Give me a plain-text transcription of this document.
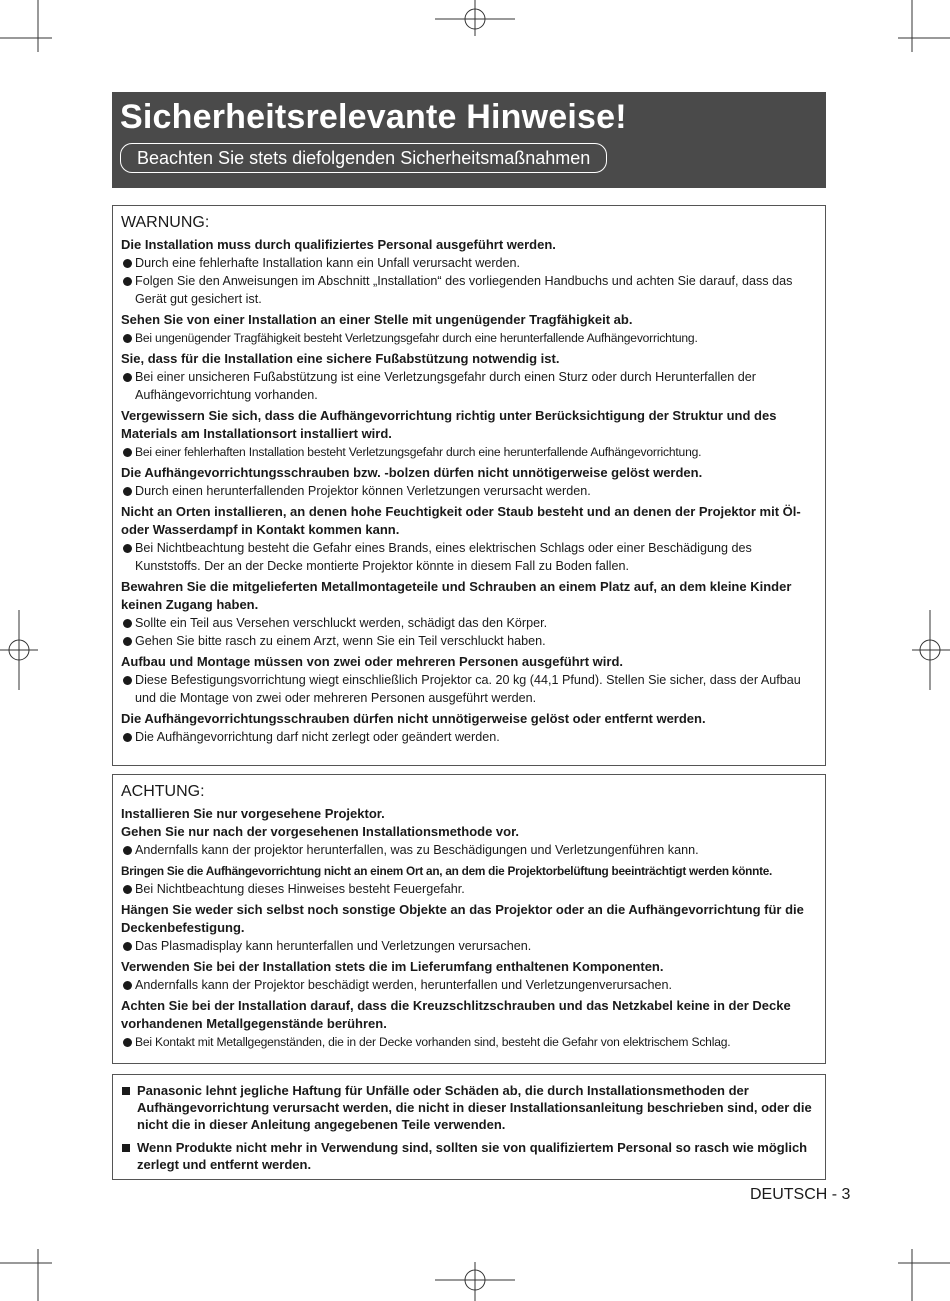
Sicherheitsrelevante Hinweise!
Beachten Sie stets diefolgenden Sicherheitsmaßnahmen
WARNUNG:
Die Installation muss durch qualifiziertes Personal ausgeführt werden.
Durch eine fehlerhafte Installation kann ein Unfall verursacht werden.
Folgen Sie den Anweisungen im Abschnitt „Installation“ des vorliegenden Handbuchs und achten Sie darauf, dass das Gerät gut gesichert ist.
Sehen Sie von einer Installation an einer Stelle mit ungenügender Tragfähigkeit ab.
Bei ungenügender Tragfähigkeit besteht Verletzungsgefahr durch eine herunterfallende Aufhängevorrichtung.
Sie, dass für die Installation eine sichere Fußabstützung notwendig ist.
Bei einer unsicheren Fußabstützung ist eine Verletzungsgefahr durch einen Sturz oder durch Herunterfallen der Aufhängevorrichtung vorhanden.
Vergewissern Sie sich, dass die Aufhängevorrichtung richtig unter Berücksichtigung der Struktur und des Materials am Installationsort installiert wird.
Bei einer fehlerhaften Installation besteht Verletzungsgefahr durch eine herunterfallende Aufhängevorrichtung.
Die Aufhängevorrichtungsschrauben bzw. -bolzen dürfen nicht unnötigerweise gelöst werden.
Durch einen herunterfallenden Projektor können Verletzungen verursacht werden.
Nicht an Orten installieren, an denen hohe Feuchtigkeit oder Staub besteht und an denen der Projektor mit Öl- oder Wasserdampf in Kontakt kommen kann.
Bei Nichtbeachtung besteht die Gefahr eines Brands, eines elektrischen Schlags oder einer Beschädigung des Kunststoffs. Der an der Decke montierte Projektor könnte in diesem Fall zu Boden fallen.
Bewahren Sie die mitgelieferten Metallmontageteile und Schrauben an einem Platz auf, an dem kleine Kinder keinen Zugang haben.
Sollte ein Teil aus Versehen verschluckt werden, schädigt das den Körper.
Gehen Sie bitte rasch zu einem Arzt, wenn Sie ein Teil verschluckt haben.
Aufbau und Montage müssen von zwei oder mehreren Personen ausgeführt wird.
Diese Befestigungsvorrichtung wiegt einschließlich Projektor ca. 20 kg (44,1 Pfund). Stellen Sie sicher, dass der Aufbau und die Montage von zwei oder mehreren Personen ausgeführt werden.
Die Aufhängevorrichtungsschrauben dürfen nicht unnötigerweise gelöst oder entfernt werden.
Die Aufhängevorrichtung darf nicht zerlegt oder geändert werden.
ACHTUNG:
Installieren Sie nur vorgesehene Projektor.
Gehen Sie nur nach der vorgesehenen Installationsmethode vor.
Andernfalls kann der projektor herunterfallen, was zu Beschädigungen und Verletzungenführen kann.
Bringen Sie die Aufhängevorrichtung nicht an einem Ort an, an dem die Projektorbelüftung beeinträchtigt werden könnte.
Bei Nichtbeachtung dieses Hinweises besteht Feuergefahr.
Hängen Sie weder sich selbst noch sonstige Objekte an das Projektor oder an die Aufhängevorrichtung für die Deckenbefestigung.
Das Plasmadisplay kann herunterfallen und Verletzungen verursachen.
Verwenden Sie bei der Installation stets die im Lieferumfang enthaltenen Komponenten.
Andernfalls kann der Projektor beschädigt werden, herunterfallen und Verletzungenverursachen.
Achten Sie bei der Installation darauf, dass die Kreuzschlitzschrauben und das Netzkabel keine in der Decke vorhandenen Metallgegenstände berühren.
Bei Kontakt mit Metallgegenständen, die in der Decke vorhanden sind, besteht die Gefahr von elektrischem Schlag.
Panasonic lehnt jegliche Haftung für Unfälle oder Schäden ab, die durch Installationsmethoden der Aufhängevorrichtung verursacht werden, die nicht in dieser Installationsanleitung beschrieben sind, oder die nicht die in dieser Anleitung angegebenen Teile verwenden.
Wenn Produkte nicht mehr in Verwendung sind, sollten sie von qualifiziertem Personal so rasch wie möglich zerlegt und entfernt werden.
DEUTSCH - 3
